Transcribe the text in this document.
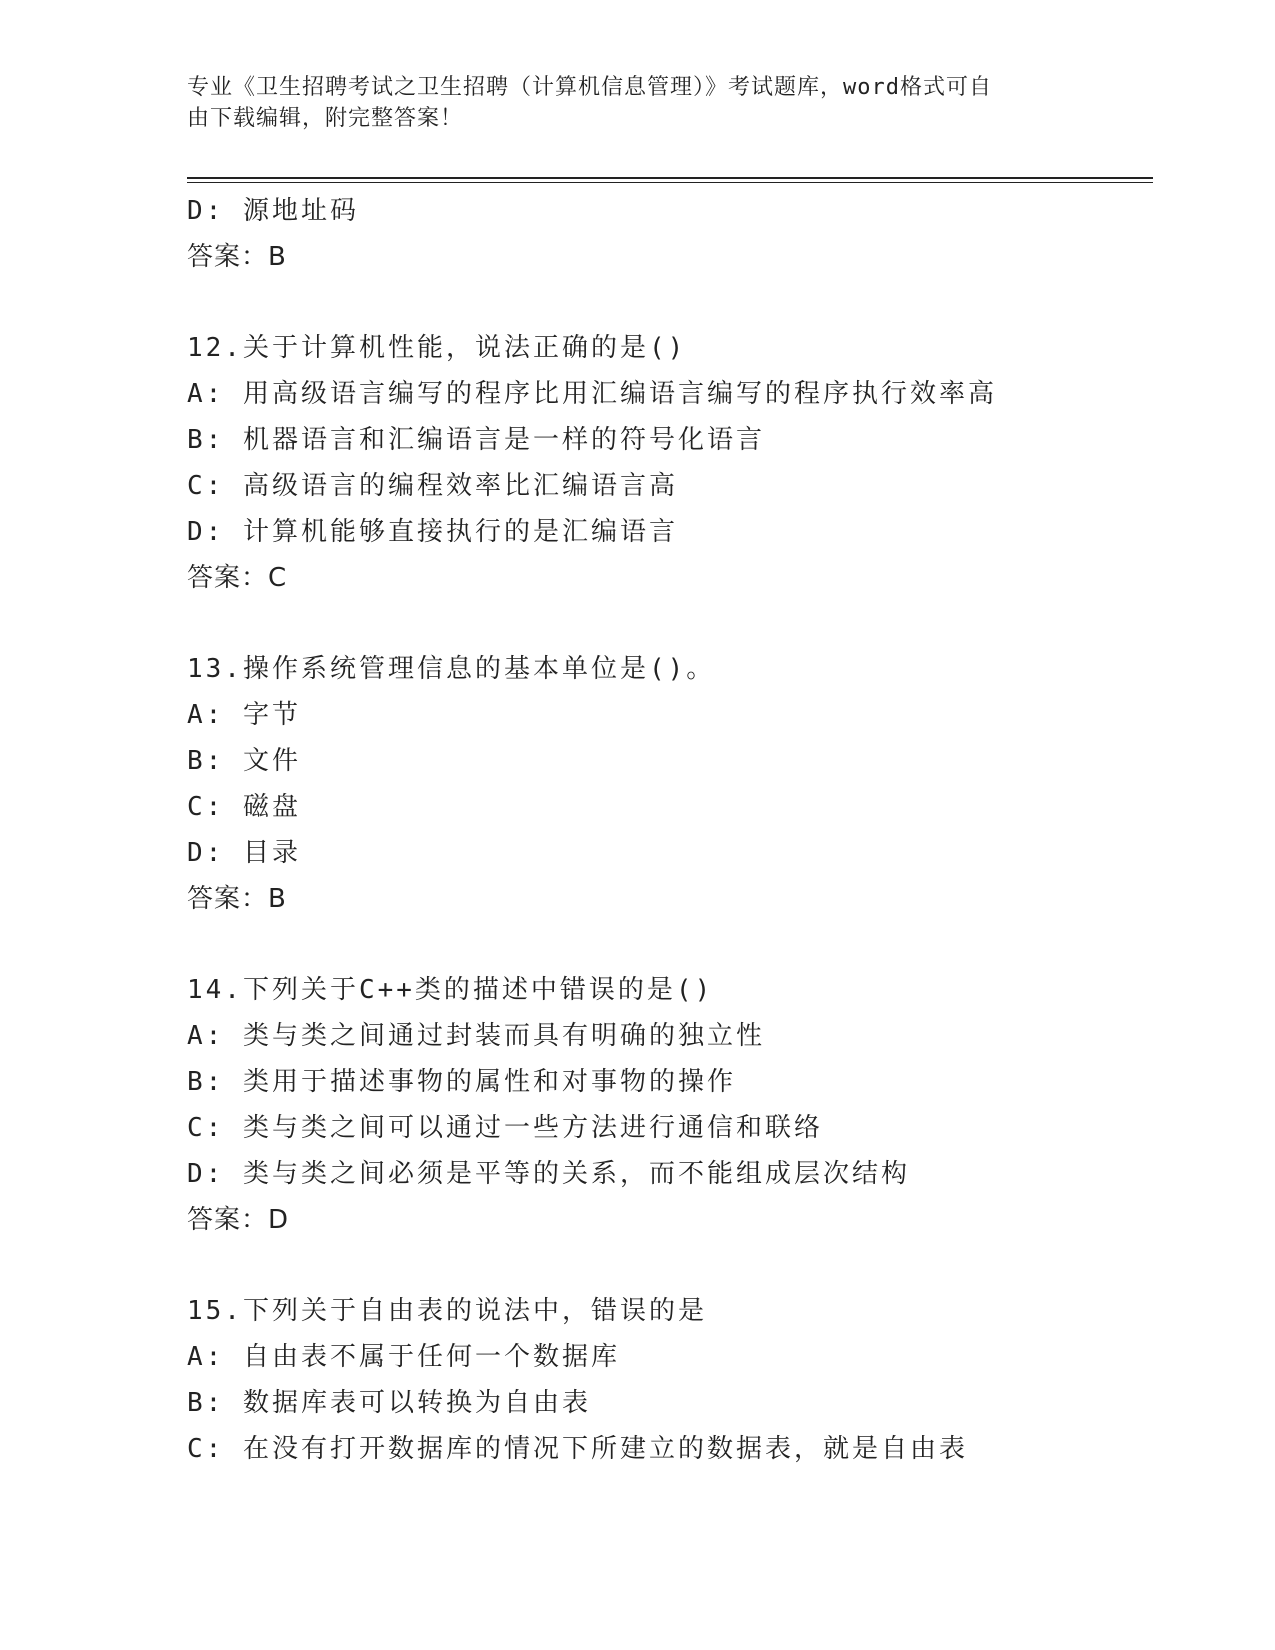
专业《卫生招聘考试之卫生招聘（计算机信息管理）》考试题库，word格式可自
由下载编辑，附完整答案！
D: 源地址码
答案：B
12.关于计算机性能，说法正确的是()
A: 用高级语言编写的程序比用汇编语言编写的程序执行效率高
B: 机器语言和汇编语言是一样的符号化语言
C: 高级语言的编程效率比汇编语言高
D: 计算机能够直接执行的是汇编语言
答案：C
13.操作系统管理信息的基本单位是()。
A: 字节
B: 文件
C: 磁盘
D: 目录
答案：B
14.下列关于C++类的描述中错误的是()
A: 类与类之间通过封装而具有明确的独立性
B: 类用于描述事物的属性和对事物的操作
C: 类与类之间可以通过一些方法进行通信和联络
D: 类与类之间必须是平等的关系，而不能组成层次结构
答案：D
15.下列关于自由表的说法中，错误的是
A: 自由表不属于任何一个数据库
B: 数据库表可以转换为自由表
C: 在没有打开数据库的情况下所建立的数据表，就是自由表
